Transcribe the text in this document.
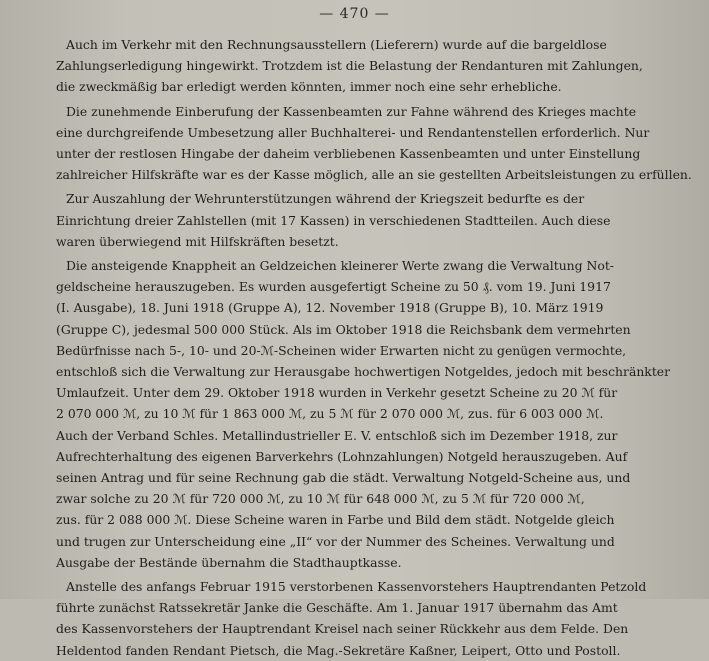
— 470 —
Auch im Verkehr mit den Rechnungsausstellern (Lieferern) wurde auf die bargeldlose
Zahlungserledigung hingewirkt. Trotzdem ist die Belastung der Rendanturen mit Zahlungen,
die zweckmäßig bar erledigt werden könnten, immer noch eine sehr erhebliche.
Die zunehmende Einberufung der Kassenbeamten zur Fahne während des Krieges machte
eine durchgreifende Umbesetzung aller Buchhalterei- und Rendantenstellen erforderlich. Nur
unter der restlosen Hingabe der daheim verbliebenen Kassenbeamten und unter Einstellung
zahlreicher Hilfskräfte war es der Kasse möglich, alle an sie gestellten Arbeitsleistungen zu erfüllen.
Zur Auszahlung der Wehrunterstützungen während der Kriegszeit bedurfte es der
Einrichtung dreier Zahlstellen (mit 17 Kassen) in verschiedenen Stadtteilen. Auch diese
waren überwiegend mit Hilfskräften besetzt.
Die ansteigende Knappheit an Geldzeichen kleinerer Werte zwang die Verwaltung Not-
geldscheine herauszugeben. Es wurden ausgefertigt Scheine zu 50 ₰. vom 19. Juni 1917
(I. Ausgabe), 18. Juni 1918 (Gruppe A), 12. November 1918 (Gruppe B), 10. März 1919
(Gruppe C), jedesmal 500 000 Stück. Als im Oktober 1918 die Reichsbank dem vermehrten
Bedürfnisse nach 5-, 10- und 20-ℳ-Scheinen wider Erwarten nicht zu genügen vermochte,
entschloß sich die Verwaltung zur Herausgabe hochwertigen Notgeldes, jedoch mit beschränkter
Umlaufzeit. Unter dem 29. Oktober 1918 wurden in Verkehr gesetzt Scheine zu 20 ℳ für
2 070 000 ℳ, zu 10 ℳ für 1 863 000 ℳ, zu 5 ℳ für 2 070 000 ℳ, zus. für 6 003 000 ℳ.
Auch der Verband Schles. Metallindustrieller E. V. entschloß sich im Dezember 1918, zur
Aufrechterhaltung des eigenen Barverkehrs (Lohnzahlungen) Notgeld herauszugeben. Auf
seinen Antrag und für seine Rechnung gab die städt. Verwaltung Notgeld-Scheine aus, und
zwar solche zu 20 ℳ für 720 000 ℳ, zu 10 ℳ für 648 000 ℳ, zu 5 ℳ für 720 000 ℳ,
zus. für 2 088 000 ℳ. Diese Scheine waren in Farbe und Bild dem städt. Notgelde gleich
und trugen zur Unterscheidung eine „II“ vor der Nummer des Scheines. Verwaltung und
Ausgabe der Bestände übernahm die Stadthauptkasse.
Anstelle des anfangs Februar 1915 verstorbenen Kassenvorstehers Hauptrendanten Petzold
führte zunächst Ratssekretär Janke die Geschäfte. Am 1. Januar 1917 übernahm das Amt
des Kassenvorstehers der Hauptrendant Kreisel nach seiner Rückkehr aus dem Felde. Den
Heldentod fanden Rendant Pietsch, die Mag.-Sekretäre Kaßner, Leipert, Otto und Postoll.
